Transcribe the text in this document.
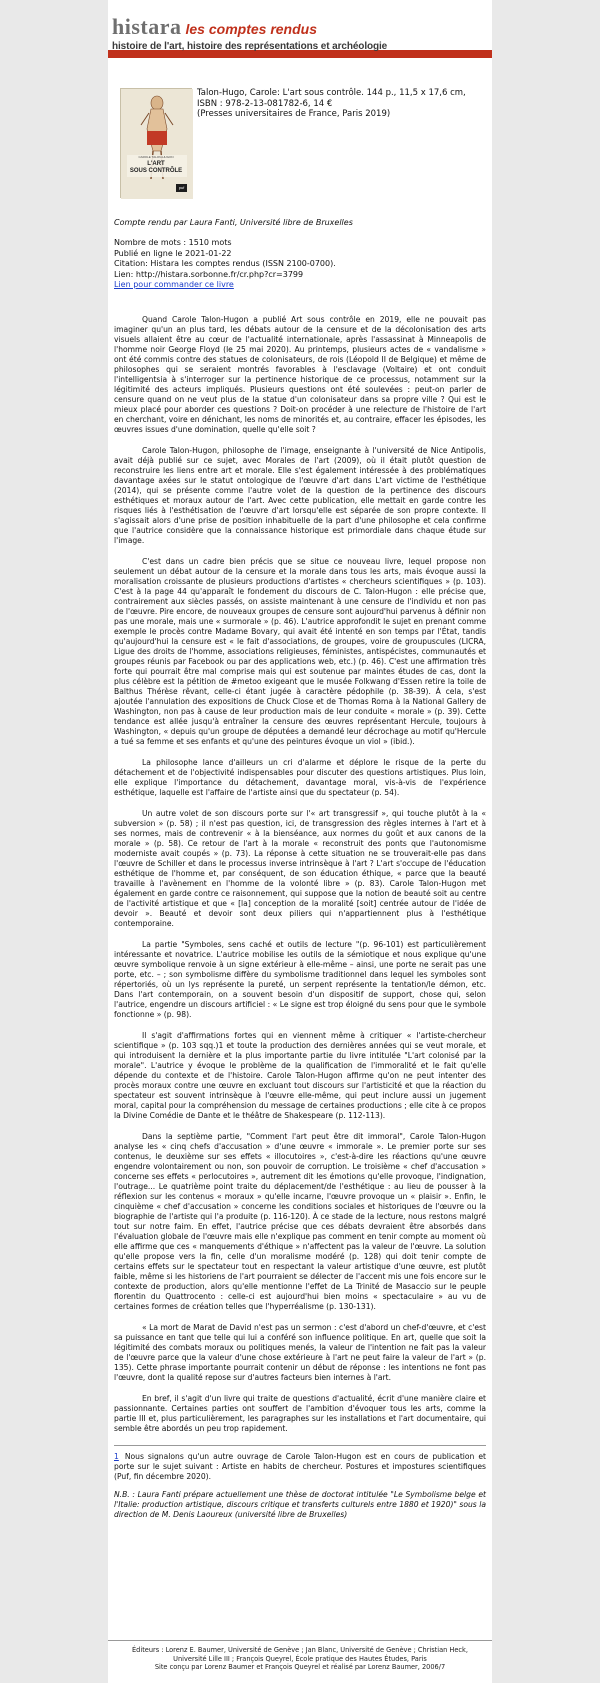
histara les comptes rendus
histoire de l'art, histoire des représentations et archéologie
CAROLE TALON-HUGON
L'ART
SOUS CONTRÔLE
puf
Talon-Hugo, Carole: L'art sous contrôle. 144 p., 11,5 x 17,6 cm,
ISBN : 978-2-13-081782-6, 14 €
(Presses universitaires de France, Paris 2019)
Compte rendu par Laura Fanti, Université libre de Bruxelles
Nombre de mots : 1510 mots
Publié en ligne le 2021-01-22
Citation: Histara les comptes rendus (ISSN 2100-0700).
Lien: http://histara.sorbonne.fr/cr.php?cr=3799
Lien pour commander ce livre

Quand Carole Talon-Hugon a publié Art sous contrôle en 2019, elle ne pouvait pas imaginer qu'un an plus tard, les débats autour de la censure et de la décolonisation des arts visuels allaient être au cœur de l'actualité internationale, après l'assassinat à Minneapolis de l'homme noir George Floyd (le 25 mai 2020). Au printemps, plusieurs actes de « vandalisme » ont été commis contre des statues de colonisateurs, de rois (Léopold II de Belgique) et même de philosophes qui se seraient montrés favorables à l'esclavage (Voltaire) et ont conduit l'intelligentsia à s'interroger sur la pertinence historique de ce processus, notamment sur la légitimité des acteurs impliqués. Plusieurs questions ont été soulevées : peut-on parler de censure quand on ne veut plus de la statue d'un colonisateur dans sa propre ville ? Qui est le mieux placé pour aborder ces questions ? Doit-on procéder à une relecture de l'histoire de l'art en cherchant, voire en dénichant, les noms de minorités et, au contraire, effacer les épisodes, les œuvres issues d'une domination, quelle qu'elle soit ?

Carole Talon-Hugon, philosophe de l'image, enseignante à l'université de Nice Antipolis, avait déjà publié sur ce sujet, avec Morales de l'art (2009), où il était plutôt question de reconstruire les liens entre art et morale. Elle s'est également intéressée à des problématiques davantage axées sur le statut ontologique de l'œuvre d'art dans L'art victime de l'esthétique (2014), qui se présente comme l'autre volet de la question de la pertinence des discours esthétiques et moraux autour de l'art. Avec cette publication, elle mettait en garde contre les risques liés à l'esthétisation de l'œuvre d'art lorsqu'elle est séparée de son propre contexte. Il s'agissait alors d'une prise de position inhabituelle de la part d'une philosophe et cela confirme que l'autrice considère que la connaissance historique est primordiale dans chaque étude sur l'image.

C'est dans un cadre bien précis que se situe ce nouveau livre, lequel propose non seulement un débat autour de la censure et la morale dans tous les arts, mais évoque aussi la moralisation croissante de plusieurs productions d'artistes « chercheurs scientifiques » (p. 103). C'est à la page 44 qu'apparaît le fondement du discours de C. Talon-Hugon : elle précise que, contrairement aux siècles passés, on assiste maintenant à une censure de l'individu et non pas de l'œuvre. Pire encore, de nouveaux groupes de censure sont aujourd'hui parvenus à définir non pas une morale, mais une « surmorale » (p. 46). L'autrice approfondit le sujet en prenant comme exemple le procès contre Madame Bovary, qui avait été intenté en son temps par l'État, tandis qu'aujourd'hui la censure est « le fait d'associations, de groupes, voire de groupuscules (LICRA, Ligue des droits de l'homme, associations religieuses, féministes, antispécistes, communautés et groupes réunis par Facebook ou par des applications web, etc.) (p. 46). C'est une affirmation très forte qui pourrait être mal comprise mais qui est soutenue par maintes études de cas, dont la plus célèbre est la pétition de #metoo exigeant que le musée Folkwang d'Essen retire la toile de Balthus Thérèse rêvant, celle-ci étant jugée à caractère pédophile (p. 38-39). À cela, s'est ajoutée l'annulation des expositions de Chuck Close et de Thomas Roma à la National Gallery de Washington, non pas à cause de leur production mais de leur conduite « morale » (p. 39). Cette tendance est allée jusqu'à entraîner la censure des œuvres représentant Hercule, toujours à Washington, « depuis qu'un groupe de députées a demandé leur décrochage au motif qu'Hercule a tué sa femme et ses enfants et qu'une des peintures évoque un viol » (ibid.).

La philosophe lance d'ailleurs un cri d'alarme et déplore le risque de la perte du détachement et de l'objectivité indispensables pour discuter des questions artistiques. Plus loin, elle explique l'importance du détachement, davantage moral, vis-à-vis de l'expérience esthétique, laquelle est l'affaire de l'artiste ainsi que du spectateur (p. 54).

Un autre volet de son discours porte sur l'« art transgressif », qui touche plutôt à la « subversion » (p. 58) ; il n'est pas question, ici, de transgression des règles internes à l'art et à ses normes, mais de contrevenir « à la bienséance, aux normes du goût et aux canons de la morale » (p. 58). Ce retour de l'art à la morale « reconstruit des ponts que l'autonomisme moderniste avait coupés » (p. 73). La réponse à cette situation ne se trouverait-elle pas dans l'œuvre de Schiller et dans le processus inverse intrinsèque à l'art ? L'art s'occupe de l'éducation esthétique de l'homme et, par conséquent, de son éducation éthique, « parce que la beauté travaille à l'avènement en l'homme de la volonté libre » (p. 83). Carole Talon-Hugon met également en garde contre ce raisonnement, qui suppose que la notion de beauté soit au centre de l'activité artistique et que « [la] conception de la moralité [soit] centrée autour de l'idée de devoir ». Beauté et devoir sont deux piliers qui n'appartiennent plus à l'esthétique contemporaine.

La partie "Symboles, sens caché et outils de lecture "(p. 96-101) est particulièrement intéressante et novatrice. L'autrice mobilise les outils de la sémiotique et nous explique qu'une œuvre symbolique renvoie à un signe extérieur à elle-même – ainsi, une porte ne serait pas une porte, etc. – ; son symbolisme diffère du symbolisme traditionnel dans lequel les symboles sont répertoriés, où un lys représente la pureté, un serpent représente la tentation/le démon, etc. Dans l'art contemporain, on a souvent besoin d'un dispositif de support, chose qui, selon l'autrice, engendre un discours artificiel : « Le signe est trop éloigné du sens pour que le symbole fonctionne » (p. 98).

Il s'agit d'affirmations fortes qui en viennent même à critiquer « l'artiste-chercheur scientifique » (p. 103 sqq.)1 et toute la production des dernières années qui se veut morale, et qui introduisent la dernière et la plus importante partie du livre intitulée "L'art colonisé par la morale". L'autrice y évoque le problème de la qualification de l'immoralité et le fait qu'elle dépende du contexte et de l'histoire. Carole Talon-Hugon affirme qu'on ne peut intenter des procès moraux contre une œuvre en excluant tout discours sur l'artisticité et que la réaction du spectateur est souvent intrinsèque à l'œuvre elle-même, qui peut inclure aussi un jugement moral, capital pour la compréhension du message de certaines productions ; elle cite à ce propos la Divine Comédie de Dante et le théâtre de Shakespeare (p. 112-113).

Dans la septième partie, "Comment l'art peut être dit immoral", Carole Talon-Hugon analyse les « cinq chefs d'accusation » d'une œuvre « immorale ». Le premier porte sur ses contenus, le deuxième sur ses effets « illocutoires », c'est-à-dire les réactions qu'une œuvre engendre volontairement ou non, son pouvoir de corruption. Le troisième « chef d'accusation » concerne ses effets « perlocutoires », autrement dit les émotions qu'elle provoque, l'indignation, l'outrage... Le quatrième point traite du déplacement/de l'esthétique : au lieu de pousser à la réflexion sur les contenus « moraux » qu'elle incarne, l'œuvre provoque un « plaisir ». Enfin, le cinquième « chef d'accusation » concerne les conditions sociales et historiques de l'œuvre ou la biographie de l'artiste qui l'a produite (p. 116-120). À ce stade de la lecture, nous restons malgré tout sur notre faim. En effet, l'autrice précise que ces débats devraient être absorbés dans l'évaluation globale de l'œuvre mais elle n'explique pas comment en tenir compte au moment où elle affirme que ces « manquements d'éthique » n'affectent pas la valeur de l'œuvre. La solution qu'elle propose vers la fin, celle d'un moralisme modéré (p. 128) qui doit tenir compte de certains effets sur le spectateur tout en respectant la valeur artistique d'une œuvre, est plutôt faible, même si les historiens de l'art pourraient se délecter de l'accent mis une fois encore sur le contexte de production, alors qu'elle mentionne l'effet de La Trinité de Masaccio sur le peuple florentin du Quattrocento : celle-ci est aujourd'hui bien moins « spectaculaire » au vu de certaines formes de création telles que l'hyperréalisme (p. 130-131).

« La mort de Marat de David n'est pas un sermon : c'est d'abord un chef-d'œuvre, et c'est sa puissance en tant que telle qui lui a conféré son influence politique. En art, quelle que soit la légitimité des combats moraux ou politiques menés, la valeur de l'intention ne fait pas la valeur de l'œuvre parce que la valeur d'une chose extérieure à l'art ne peut faire la valeur de l'art » (p. 135). Cette phrase importante pourrait contenir un début de réponse : les intentions ne font pas l'œuvre, dont la qualité repose sur d'autres facteurs bien internes à l'art.

En bref, il s'agit d'un livre qui traite de questions d'actualité, écrit d'une manière claire et passionnante. Certaines parties ont souffert de l'ambition d'évoquer tous les arts, comme la partie III et, plus particulièrement, les paragraphes sur les installations et l'art documentaire, qui semble être abordés un peu trop rapidement.

1 Nous signalons qu'un autre ouvrage de Carole Talon-Hugon est en cours de publication et porte sur le sujet suivant : Artiste en habits de chercheur. Postures et impostures scientifiques (Puf, fin décembre 2020).
N.B. : Laura Fanti prépare actuellement une thèse de doctorat intitulée "Le Symbolisme belge et l'Italie: production artistique, discours critique et transferts culturels entre 1880 et 1920)" sous la direction de M. Denis Laoureux (université libre de Bruxelles)
Éditeurs : Lorenz E. Baumer, Université de Genève ; Jan Blanc, Université de Genève ; Christian Heck,
Université Lille III ; François Queyrel, École pratique des Hautes Études, Paris
Site conçu par Lorenz Baumer et François Queyrel et réalisé par Lorenz Baumer, 2006/7
